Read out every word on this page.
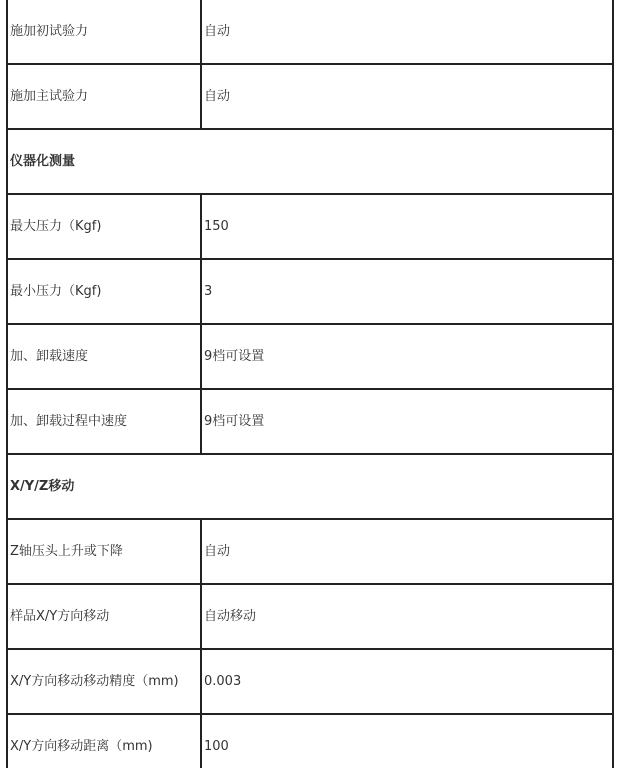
施加初试验力	自动
施加主试验力	自动
仪器化测量	
最大压力（Kgf)	150
最小压力（Kgf)	3
加、卸载速度	9档可设置
加、卸载过程中速度	9档可设置
X/Y/Z移动	
Z轴压头上升或下降	自动
样品X/Y方向移动	自动移动
X/Y方向移动移动精度（mm)	0.003
X/Y方向移动距离（mm)	100
